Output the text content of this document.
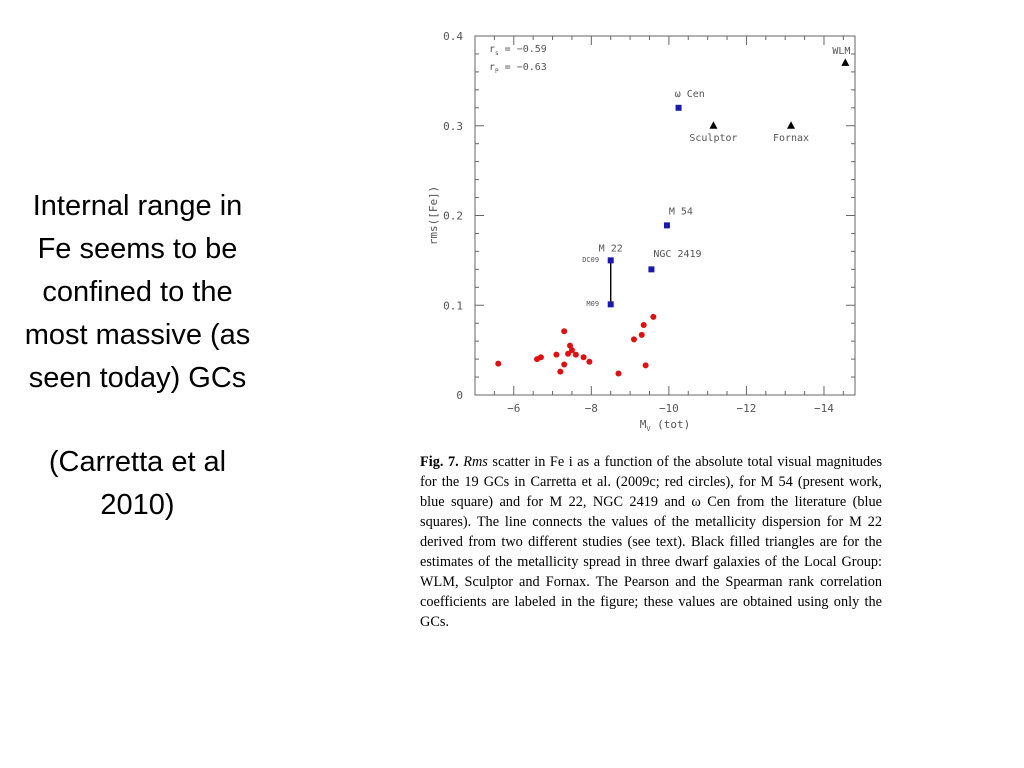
Internal range in

Fe seems to be

confined to the

most massive (as

seen today) GCs

(Carretta et al

2010)

−6	−8	−10	−12	−14
0
0.1
0.2
0.3
0.4
$M_V$ (tot)
rms([Fe])
$r_s = -0.59$
$r_P = -0.63$
M 22
ω Cen
M 54
NGC 2419
DC09
M09
Sculptor	Fornax
WLM
Fig. 7. Rms scatter in Fe i as a function of the absolute total visual magnitudes for the 19 GCs in Carretta et al. (2009c; red circles), for M 54 (present work, blue square) and for M 22, NGC 2419 and ω Cen from the literature (blue squares). The line connects the values of the metallicity dispersion for M 22 derived from two different studies (see text). Black filled triangles are for the estimates of the metallicity spread in three dwarf galaxies of the Local Group: WLM, Sculptor and Fornax. The Pearson and the Spearman rank correlation coefficients are labeled in the figure; these values are obtained using only the GCs.
